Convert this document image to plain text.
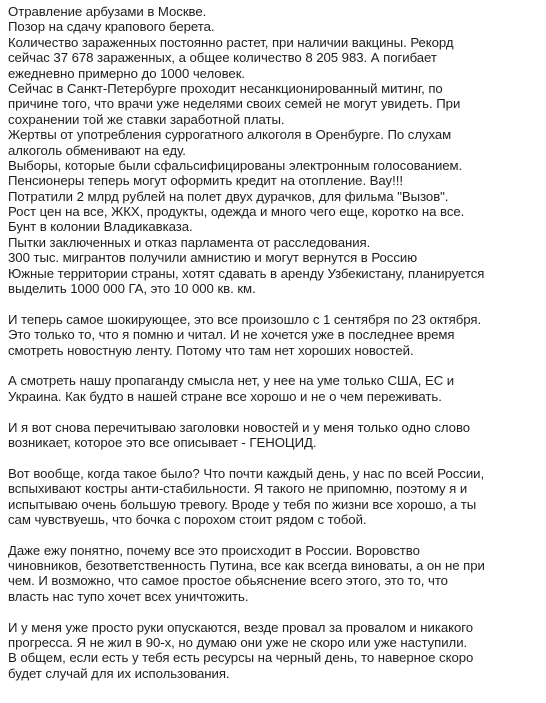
Отравление арбузами в Москве.
Позор на сдачу крапового берета.
Количество зараженных постоянно растет, при наличии вакцины. Рекорд
сейчас 37 678 зараженных, а общее количество 8 205 983. А погибает
ежедневно примерно до 1000 человек.
Сейчас в Санкт-Петербурге проходит несанкционированный митинг, по
причине того, что врачи уже неделями своих семей не могут увидеть. При
сохранении той же ставки заработной платы.
Жертвы от употребления суррогатного алкоголя в Оренбурге. По слухам
алкоголь обменивают на еду.
Выборы, которые были сфальсифицированы электронным голосованием.
Пенсионеры теперь могут оформить кредит на отопление. Вау!!!
Потратили 2 млрд рублей на полет двух дурачков, для фильма "Вызов".
Рост цен на все, ЖКХ, продукты, одежда и много чего еще, коротко на все.
Бунт в колонии Владикавказа.
Пытки заключенных и отказ парламента от расследования.
300 тыс. мигрантов получили амнистию и могут вернутся в Россию
Южные территории страны, хотят сдавать в аренду Узбекистану, планируется
выделить 1000 000 ГА, это 10 000 кв. км.
И теперь самое шокирующее, это все произошло с 1 сентября по 23 октября.
Это только то, что я помню и читал. И не хочется уже в последнее время
смотреть новостную ленту. Потому что там нет хороших новостей.
А смотреть нашу пропаганду смысла нет, у нее на уме только США, ЕС и
Украина. Как будто в нашей стране все хорошо и не о чем переживать.
И я вот снова перечитываю заголовки новостей и у меня только одно слово
возникает, которое это все описывает - ГЕНОЦИД.
Вот вообще, когда такое было? Что почти каждый день, у нас по всей России,
вспыхивают костры анти-стабильности. Я такого не припомню, поэтому я и
испытываю очень большую тревогу. Вроде у тебя по жизни все хорошо, а ты
сам чувствуешь, что бочка с порохом стоит рядом с тобой.
Даже ежу понятно, почему все это происходит в России. Воровство
чиновников, безответственность Путина, все как всегда виноваты, а он не при
чем. И возможно, что самое простое обьяснение всего этого, это то, что
власть нас тупо хочет всех уничтожить.
И у меня уже просто руки опускаются, везде провал за провалом и никакого
прогресса. Я не жил в 90-х, но думаю они уже не скоро или уже наступили.
В общем, если есть у тебя есть ресурсы на черный день, то наверное скоро
будет случай для их использования.
